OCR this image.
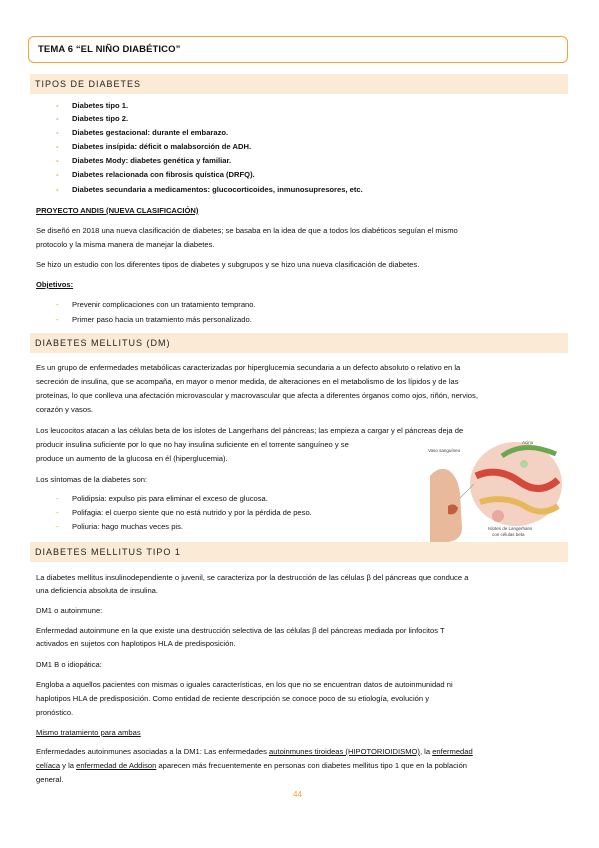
TEMA 6 “EL NIÑO DIABÉTICO”
TIPOS DE DIABETES
- Diabetes tipo 1.
- Diabetes tipo 2.
- Diabetes gestacional: durante el embarazo.
- Diabetes insípida: déficit o malabsorción de ADH.
- Diabetes Mody: diabetes genética y familiar.
- Diabetes relacionada con fibrosis quística (DRFQ).
- Diabetes secundaria a medicamentos: glucocorticoides, inmunosupresores, etc.
PROYECTO ANDIS (NUEVA CLASIFICACIÓN)
Se diseñó en 2018 una nueva clasificación de diabetes; se basaba en la idea de que a todos los diabéticos seguían el mismo
protocolo y la misma manera de manejar la diabetes.
Se hizo un estudio con los diferentes tipos de diabetes y subgrupos y se hizo una nueva clasificación de diabetes.
Objetivos:
- Prevenir complicaciones con un tratamiento temprano.
- Primer paso hacia un tratamiento más personalizado.
DIABETES MELLITUS (DM)
Es un grupo de enfermedades metabólicas caracterizadas por hiperglucemia secundaria a un defecto absoluto o relativo en la
secreción de insulina, que se acompaña, en mayor o menor medida, de alteraciones en el metabolismo de los lípidos y de las
proteínas, lo que conlleva una afectación microvascular y macrovascular que afecta a diferentes órganos como ojos, riñón, nervios,
corazón y vasos.
Los leucocitos atacan a las células beta de los islotes de Langerhans del páncreas; las empieza a cargar y el páncreas deja de
producir insulina suficiente por lo que no hay insulina suficiente en el torrente sanguíneo y se
produce un aumento de la glucosa en él (hiperglucemia).
Los síntomas de la diabetes son:
- Polidipsia: expulso pis para eliminar el exceso de glucosa.
- Polifagia: el cuerpo siente que no está nutrido y por la pérdida de peso.
- Poliuria: hago muchas veces pis.
Acino
Vaso sanguíneo
Islotes de Langerhans
con células beta
DIABETES MELLITUS TIPO 1
La diabetes mellitus insulinodependiente o juvenil, se caracteriza por la destrucción de las células β del páncreas que conduce a
una deficiencia absoluta de insulina.
DM1 o autoinmune:
Enfermedad autoinmune en la que existe una destrucción selectiva de las células β del páncreas mediada por linfocitos T
activados en sujetos con haplotipos HLA de predisposición.
DM1 B o idiopática:
Engloba a aquellos pacientes con mismas o iguales características, en los que no se encuentran datos de autoinmunidad ni
haplotipos HLA de predisposición. Como entidad de reciente descripción se conoce poco de su etiología, evolución y
pronóstico.
Mismo tratamiento para ambas
Enfermedades autoinmunes asociadas a la DM1: Las enfermedades autoinmunes tiroideas (HIPOTORIOIDISMO), la enfermedad
celíaca y la enfermedad de Addison aparecen más frecuentemente en personas con diabetes mellitus tipo 1 que en la población
general.
44
